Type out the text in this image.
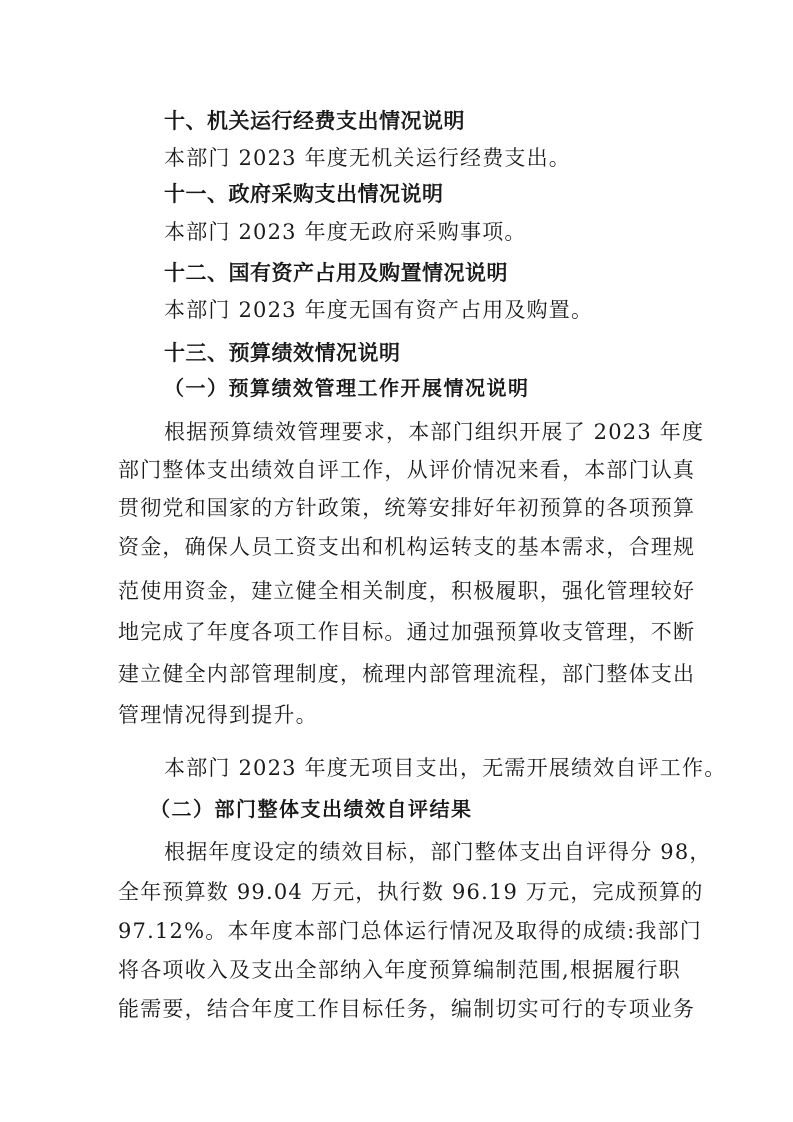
十、机关运行经费支出情况说明
本部门 2023 年度无机关运行经费支出。
十一、政府采购支出情况说明
本部门 2023 年度无政府采购事项。
十二、国有资产占用及购置情况说明
本部门 2023 年度无国有资产占用及购置。
十三、预算绩效情况说明
（一）预算绩效管理工作开展情况说明
根据预算绩效管理要求，本部门组织开展了 2023 年度
部门整体支出绩效自评工作，从评价情况来看，本部门认真
贯彻党和国家的方针政策，统筹安排好年初预算的各项预算
资金，确保人员工资支出和机构运转支的基本需求，合理规
范使用资金，建立健全相关制度，积极履职，强化管理较好
地完成了年度各项工作目标。通过加强预算收支管理，不断
建立健全内部管理制度，梳理内部管理流程，部门整体支出
管理情况得到提升。
本部门 2023 年度无项目支出，无需开展绩效自评工作。
（二）部门整体支出绩效自评结果
根据年度设定的绩效目标，部门整体支出自评得分 98，
全年预算数 99.04 万元，执行数 96.19 万元，完成预算的
97.12%。本年度本部门总体运行情况及取得的成绩:我部门
将各项收入及支出全部纳入年度预算编制范围,根据履行职
能需要，结合年度工作目标任务，编制切实可行的专项业务
